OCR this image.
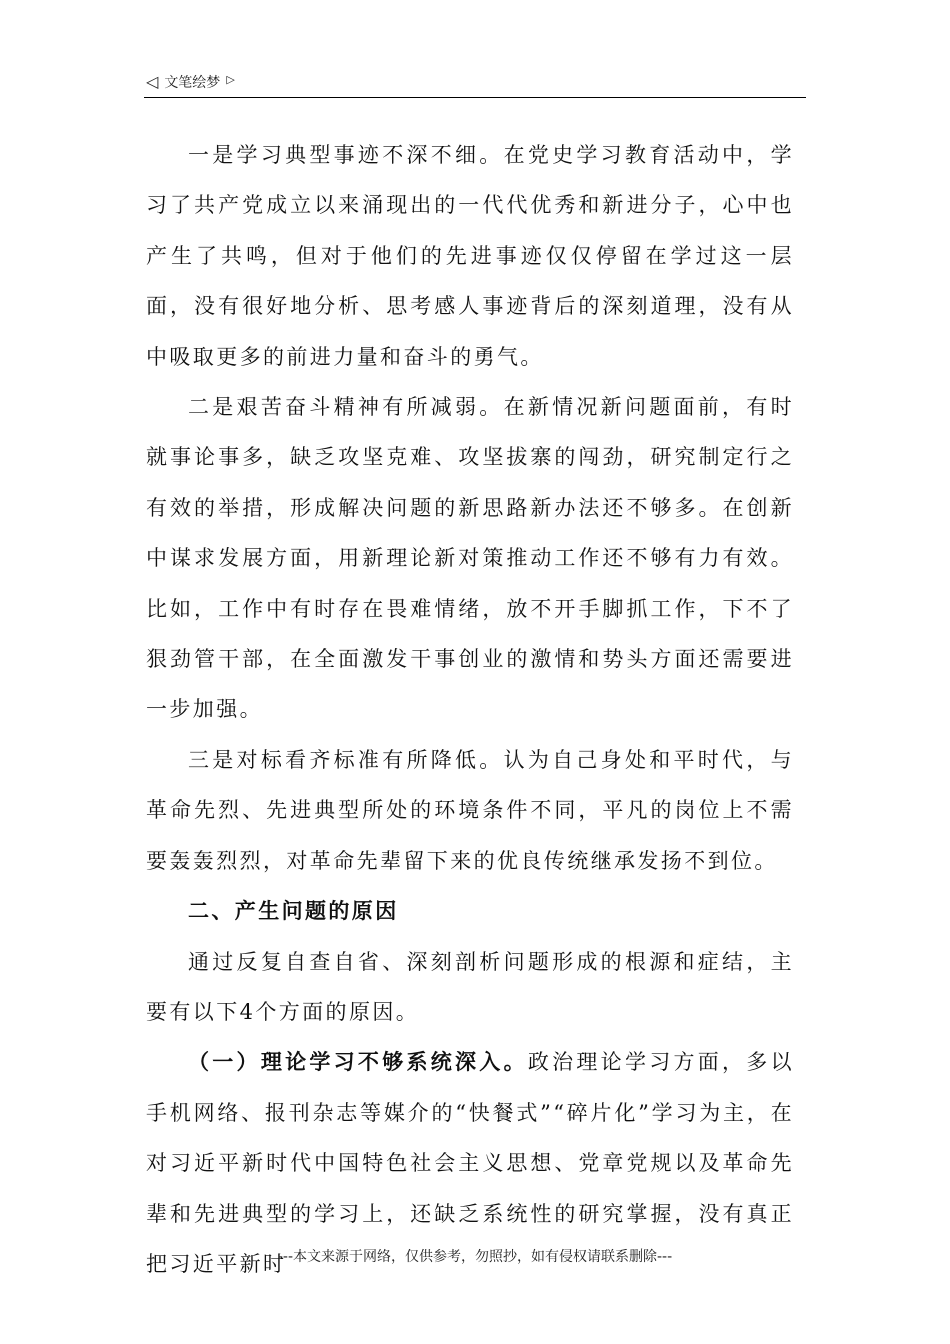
◁ 文笔绘梦 ▷

一是学习典型事迹不深不细。在党史学习教育活动中，学习了共产党成立以来涌现出的一代代优秀和新进分子，心中也产生了共鸣，但对于他们的先进事迹仅仅停留在学过这一层面，没有很好地分析、思考感人事迹背后的深刻道理，没有从中吸取更多的前进力量和奋斗的勇气。

二是艰苦奋斗精神有所减弱。在新情况新问题面前，有时就事论事多，缺乏攻坚克难、攻坚拔寨的闯劲，研究制定行之有效的举措，形成解决问题的新思路新办法还不够多。在创新中谋求发展方面，用新理论新对策推动工作还不够有力有效。比如，工作中有时存在畏难情绪，放不开手脚抓工作，下不了狠劲管干部，在全面激发干事创业的激情和势头方面还需要进一步加强。

三是对标看齐标准有所降低。认为自己身处和平时代，与革命先烈、先进典型所处的环境条件不同，平凡的岗位上不需要轰轰烈烈，对革命先辈留下来的优良传统继承发扬不到位。

二、产生问题的原因

通过反复自查自省、深刻剖析问题形成的根源和症结，主要有以下4个方面的原因。

（一）理论学习不够系统深入。政治理论学习方面，多以手机网络、报刊杂志等媒介的“快餐式”“碎片化”学习为主，在对习近平新时代中国特色社会主义思想、党章党规以及革命先辈和先进典型的学习上，还缺乏系统性的研究掌握，没有真正把习近平新时

---本文来源于网络，仅供参考，勿照抄，如有侵权请联系删除---
